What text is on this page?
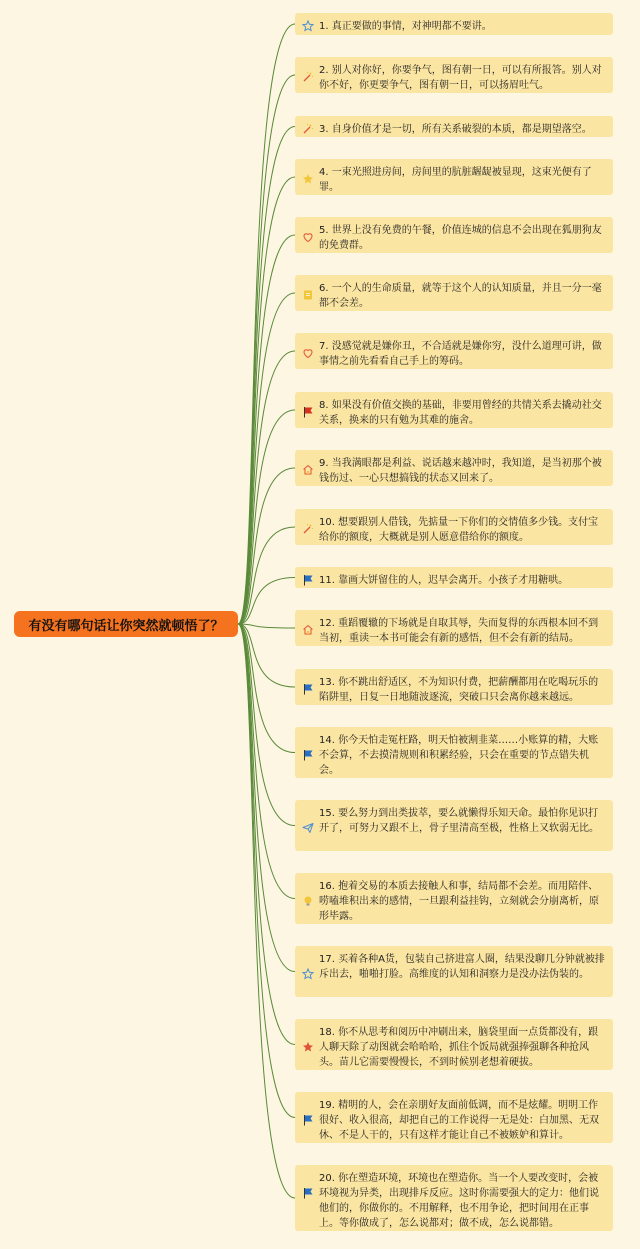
有没有哪句话让你突然就顿悟了？
1. 真正要做的事情，对神明都不要讲。
2. 别人对你好，你要争气，图有朝一日，可以有所报答。别人对你不好，你更要争气，图有朝一日，可以扬眉吐气。
3. 自身价值才是一切，所有关系破裂的本质，都是期望落空。
4. 一束光照进房间，房间里的肮脏龌龊被显现，这束光便有了罪。
5. 世界上没有免费的午餐，价值连城的信息不会出现在狐朋狗友的免费群。
6. 一个人的生命质量，就等于这个人的认知质量，并且一分一毫都不会差。
7. 没感觉就是嫌你丑，不合适就是嫌你穷，没什么道理可讲，做事情之前先看看自己手上的筹码。
8. 如果没有价值交换的基础，非要用曾经的共情关系去撬动社交关系，换来的只有勉为其难的施舍。
9. 当我满眼都是利益、说话越来越冲时，我知道，是当初那个被钱伤过、一心只想搞钱的状态又回来了。
10. 想要跟别人借钱，先掂量一下你们的交情值多少钱。支付宝给你的额度，大概就是别人愿意借给你的额度。
11. 靠画大饼留住的人，迟早会离开。小孩子才用糖哄。
12. 重蹈覆辙的下场就是自取其辱，失而复得的东西根本回不到当初，重读一本书可能会有新的感悟，但不会有新的结局。
13. 你不跳出舒适区，不为知识付费，把薪酬都用在吃喝玩乐的陷阱里，日复一日地随波逐流，突破口只会离你越来越远。
14. 你今天怕走冤枉路，明天怕被割韭菜……小账算的精，大账不会算，不去摸清规则和积累经验，只会在重要的节点错失机会。
15. 要么努力到出类拔萃，要么就懒得乐知天命。最怕你见识打开了，可努力又跟不上，骨子里清高至极，性格上又软弱无比。
16. 抱着交易的本质去接触人和事，结局都不会差。而用陪伴、唠嗑堆积出来的感情，一旦跟利益挂钩，立刻就会分崩离析，原形毕露。
17. 买着各种A货，包装自己挤进富人圈，结果没聊几分钟就被排斥出去，啪啪打脸。高维度的认知和洞察力是没办法伪装的。
18. 你不从思考和阅历中冲刷出来，脑袋里面一点货都没有，跟人聊天除了动图就会哈哈哈，抓住个饭局就强捧强聊各种抢风头。苗儿它需要慢慢长，不到时候别老想着硬拔。
19. 精明的人，会在亲朋好友面前低调，而不是炫耀。明明工作很好、收入很高，却把自己的工作说得一无是处：白加黑、无双休、不是人干的，只有这样才能让自己不被嫉妒和算计。
20. 你在塑造环境，环境也在塑造你。当一个人要改变时，会被环境视为异类，出现排斥反应。这时你需要强大的定力：他们说他们的，你做你的。不用解释，也不用争论，把时间用在正事上。等你做成了，怎么说都对；做不成，怎么说都错。
